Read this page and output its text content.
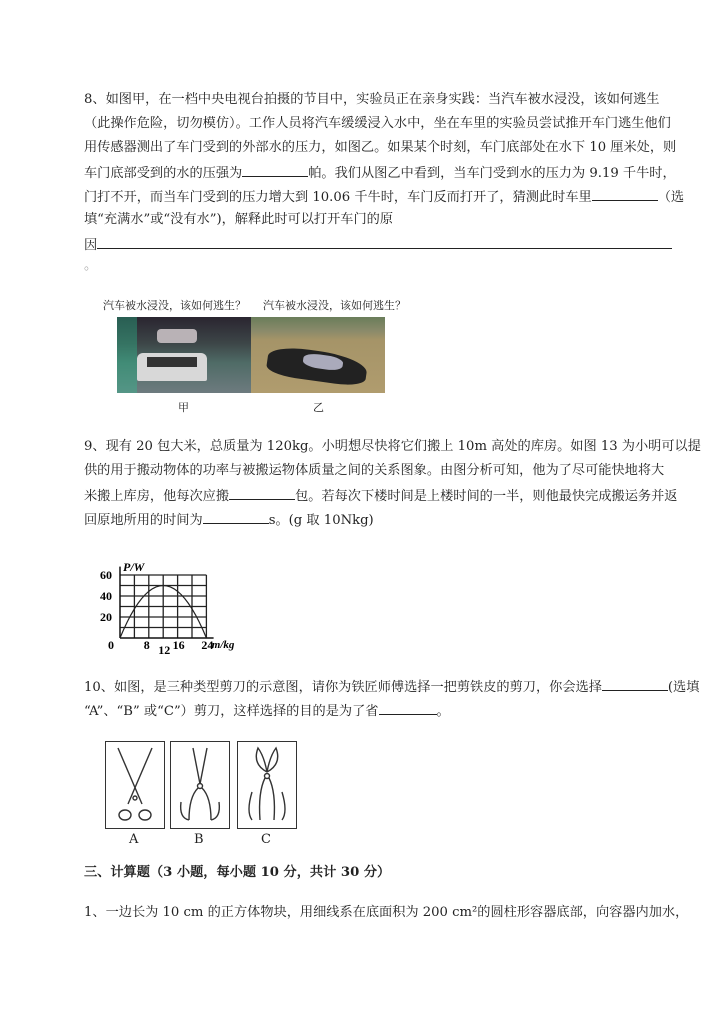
8、如图甲，在一档中央电视台拍摄的节目中，实验员正在亲身实践：当汽车被水浸没，该如何逃生
（此操作危险，切勿模仿）。工作人员将汽车缓缓浸入水中，坐在车里的实验员尝试推开车门逃生他们
用传感器测出了车门受到的外部水的压力，如图乙。如果某个时刻，车门底部处在水下 10 厘米处，则
车门底部受到的水的压强为	帕。我们从图乙中看到，当车门受到水的压力为 9.19 千牛时，
门打不开，而当车门受到的压力增大到 10.06 千牛时，车门反而打开了，猜测此时车里	（选
填“充满水”或“没有水”)，解释此时可以打开车门的原
因
。
汽车被水浸没，该如何逃生？ 汽车被水浸没，该如何逃生？
甲	乙
9、现有 20 包大米，总质量为 120kg。小明想尽快将它们搬上 10m 高处的库房。如图 13 为小明可以提
供的用于搬动物体的功率与被搬运物体质量之间的关系图象。由图分析可知，他为了尽可能快地将大
米搬上库房，他每次应搬	包。若每次下楼时间是上楼时间的一半，则他最快完成搬运务并返
回原地所用的时间为	s。(g 取 10Nkg)
0 8 12 16 24
20
40
60
P/W
m/kg
10、如图，是三种类型剪刀的示意图，请你为铁匠师傅选择一把剪铁皮的剪刀，你会选择	(选填
“A”、“B” 或“C”）剪刀，这样选择的目的是为了省	。
A	B	C
三、计算题（3 小题，每小题 10 分，共计 30 分）
1、一边长为 10 cm 的正方体物块，用细线系在底面积为 200 cm²的圆柱形容器底部，向容器内加水，
